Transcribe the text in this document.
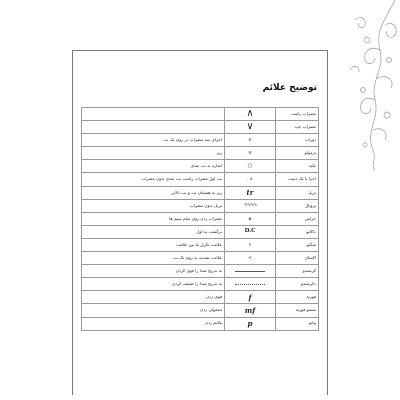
توضیح علائم
مضراب راست	∧	
مضراب چپ	∨	
دوراب	≜	اجرای سه مضراب در روی یک نت
ترمولو	≡	ریز
تکیه	○	اشاره به نت بعدی
اجرا با یک دست	∧ .	نت اول مضراب راست نت بعدی بدون مضراب
تریل	tr	ریز به همسان نت و نت بالاتر
پزوبال	∿∿∿∿	تریل بدون مضراب
خراش	⋕	مضراب زدن روی تمام سیم ها
داکاپو	D.C	برگشت به اول
سگنو	𝄋	علامت تکرار ما بین علامت
اکسان	>	علامت تشدید به روی تک نت
کرشندو		به تدریج صدا را قوی کردن
دکرشندو		به تدریج صدا را ضعیف کردن
فورته	f	قوی زدن
متسو فورته	mf	معمولی زدن
پیانو	p	ملایم زدن
